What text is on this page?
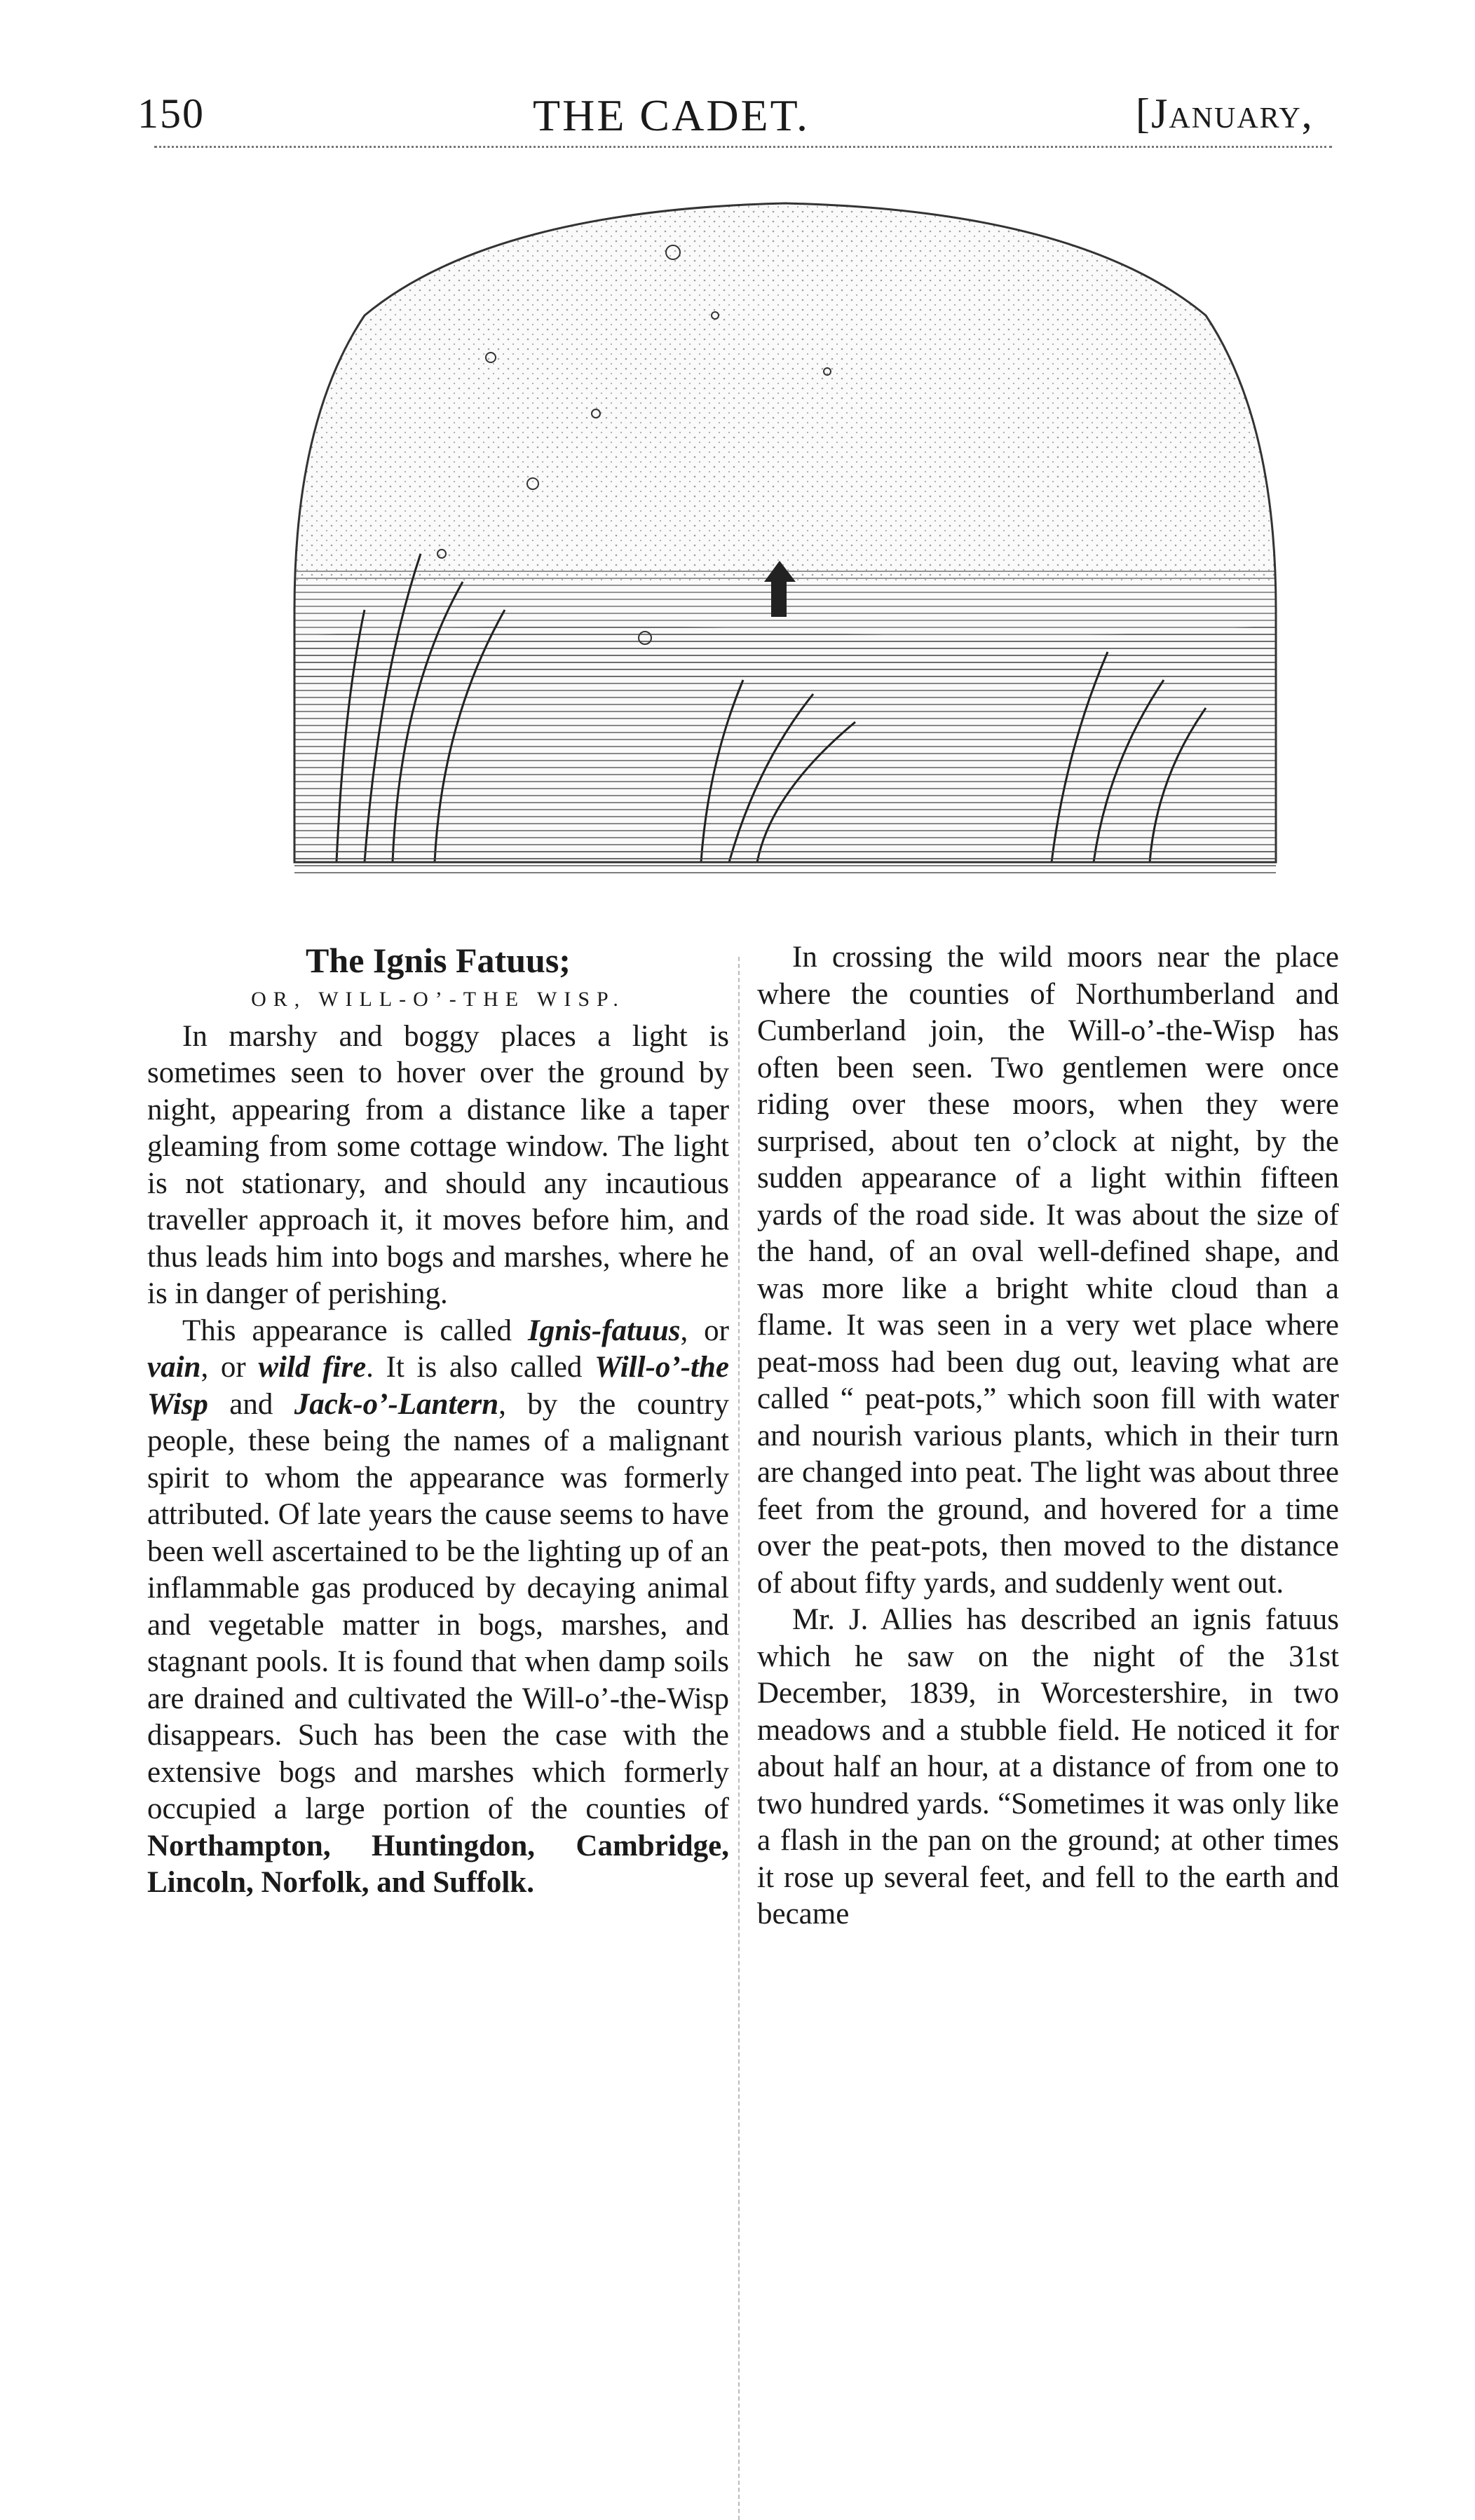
150	THE CADET.	[January,

The Ignis Fatuus;

OR, WILL-O’-THE WISP.

In marshy and boggy places a light is sometimes seen to hover over the ground by night, appearing from a distance like a taper gleaming from some cottage window. The light is not stationary, and should any incautious traveller approach it, it moves before him, and thus leads him into bogs and marshes, where he is in danger of perishing.

This appearance is called Ignis-fatuus, or vain, or wild fire. It is also called Will-o’-the Wisp and Jack-o’-Lantern, by the country people, these being the names of a malignant spirit to whom the appearance was formerly attributed. Of late years the cause seems to have been well ascertained to be the lighting up of an inflammable gas produced by decaying animal and vegetable matter in bogs, marshes, and stagnant pools. It is found that when damp soils are drained and cultivated the Will-o’-the-Wisp disappears. Such has been the case with the extensive bogs and marshes which formerly occupied a large portion of the counties of Northampton, Huntingdon, Cambridge, Lincoln, Norfolk, and Suffolk.

In crossing the wild moors near the place where the counties of Northumberland and Cumberland join, the Will-o’-the-Wisp has often been seen. Two gentlemen were once riding over these moors, when they were surprised, about ten o’clock at night, by the sudden appearance of a light within fifteen yards of the road side. It was about the size of the hand, of an oval well-defined shape, and was more like a bright white cloud than a flame. It was seen in a very wet place where peat-moss had been dug out, leaving what are called “ peat-pots,” which soon fill with water and nourish various plants, which in their turn are changed into peat. The light was about three feet from the ground, and hovered for a time over the peat-pots, then moved to the distance of about fifty yards, and suddenly went out.

Mr. J. Allies has described an ignis fatuus which he saw on the night of the 31st December, 1839, in Worcestershire, in two meadows and a stubble field. He noticed it for about half an hour, at a distance of from one to two hundred yards. “Sometimes it was only like a flash in the pan on the ground; at other times it rose up several feet, and fell to the earth and became
